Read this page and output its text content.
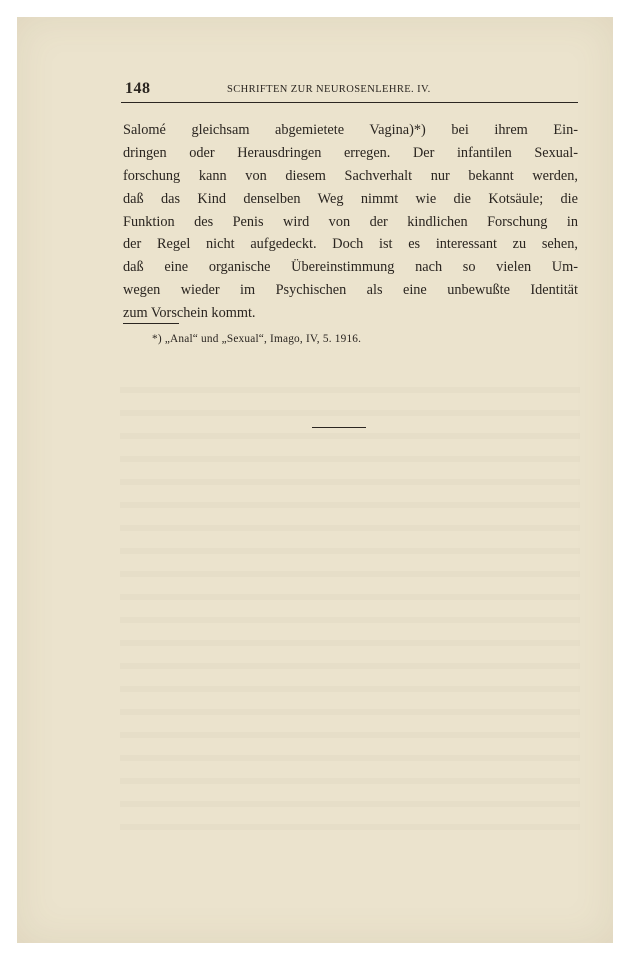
148	SCHRIFTEN ZUR NEUROSENLEHRE. IV.
Salomé gleichsam abgemietete Vagina)*) bei ihrem Ein-
dringen oder Herausdringen erregen. Der infantilen Sexual-
forschung kann von diesem Sachverhalt nur bekannt werden,
daß das Kind denselben Weg nimmt wie die Kotsäule; die
Funktion des Penis wird von der kindlichen Forschung in
der Regel nicht aufgedeckt. Doch ist es interessant zu sehen,
daß eine organische Übereinstimmung nach so vielen Um-
wegen wieder im Psychischen als eine unbewußte Identität
zum Vorschein kommt.
*) „Anal“ und „Sexual“, Imago, IV, 5. 1916.
